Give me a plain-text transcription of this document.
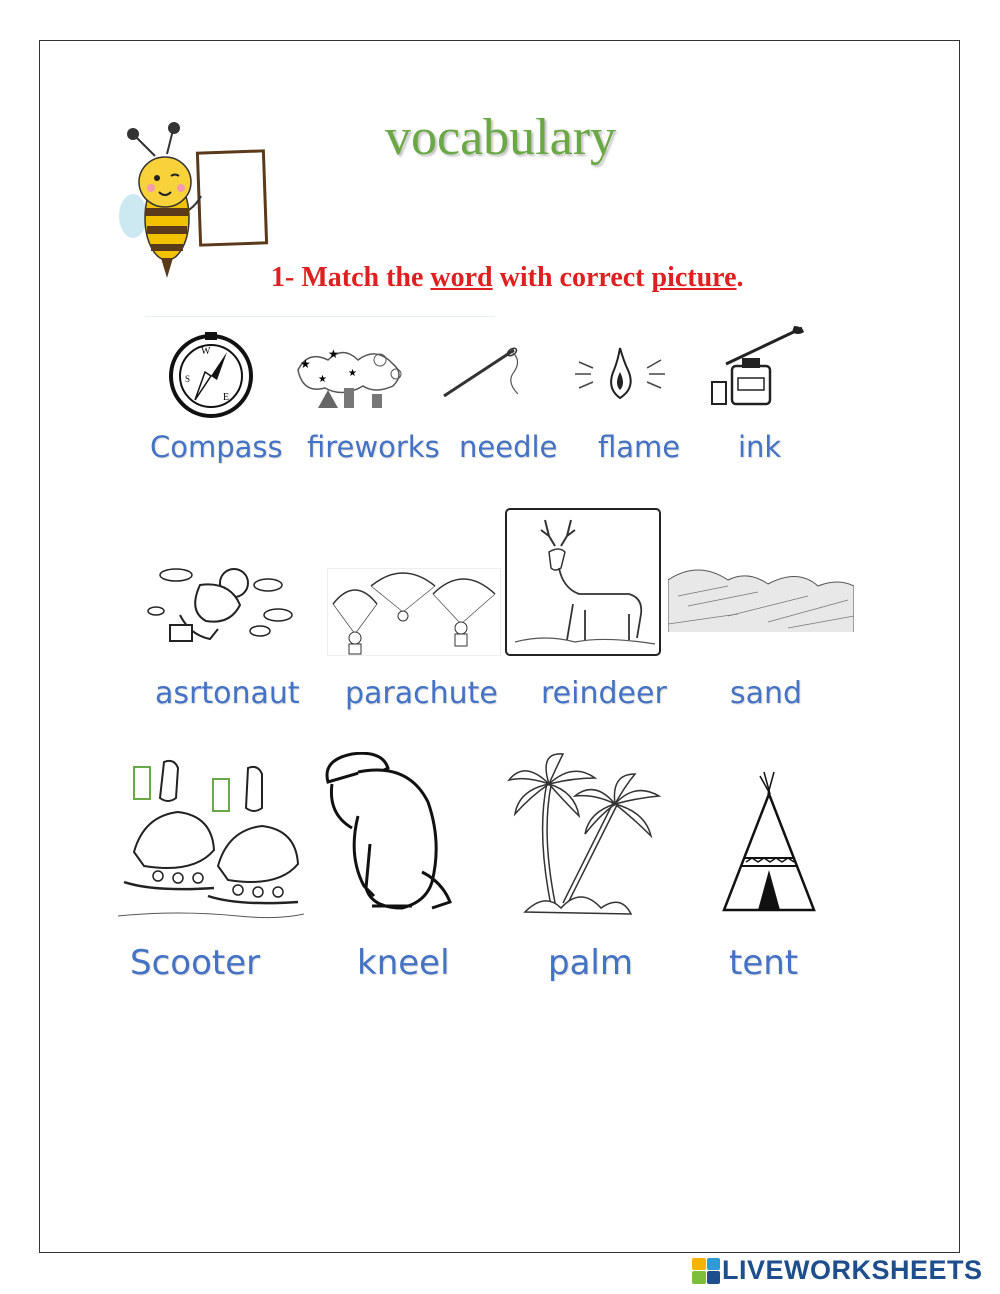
vocabulary
1- Match the word with correct picture.
W
E
S
★
★
★
★
Compass fireworks needle flame ink
asrtonaut parachute reindeer sand
Scooter	kneel	palm	tent
LIVEWORKSHEETS
